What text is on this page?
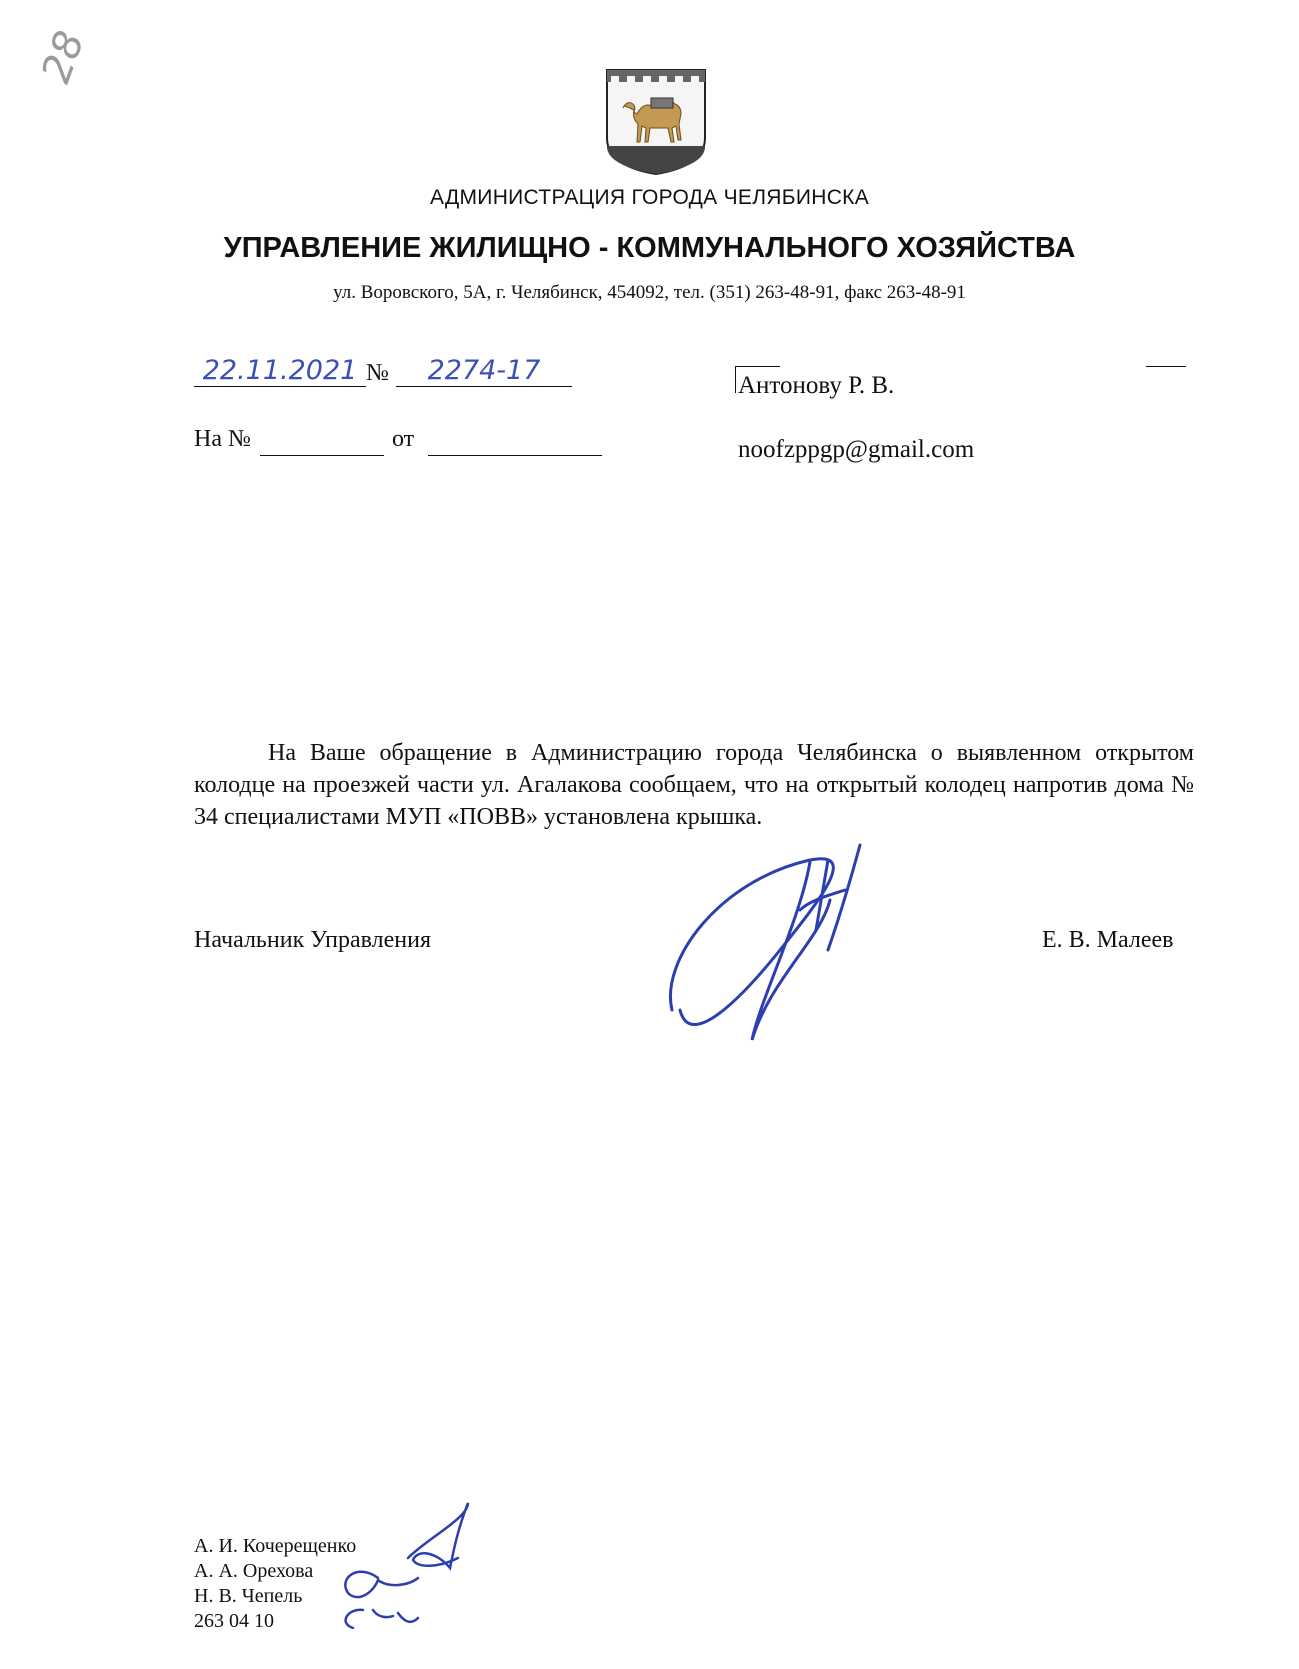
28
АДМИНИСТРАЦИЯ ГОРОДА ЧЕЛЯБИНСКА
УПРАВЛЕНИЕ ЖИЛИЩНО - КОММУНАЛЬНОГО ХОЗЯЙСТВА
ул. Воровского, 5А, г. Челябинск, 454092, тел. (351) 263-48-91, факс 263-48-91
22.11.2021 №	2274-17
На №	от
Антонову Р. В.
noofzppgp@gmail.com
На Ваше обращение в Администрацию города Челябинска о выявленном открытом колодце на проезжей части ул. Агалакова сообщаем, что на открытый колодец напротив дома № 34 специалистами МУП «ПОВВ» установлена крышка.
Начальник Управления	Е. В. Малеев
А. И. Кочерещенко
А. А. Орехова
Н. В. Чепель
263 04 10
